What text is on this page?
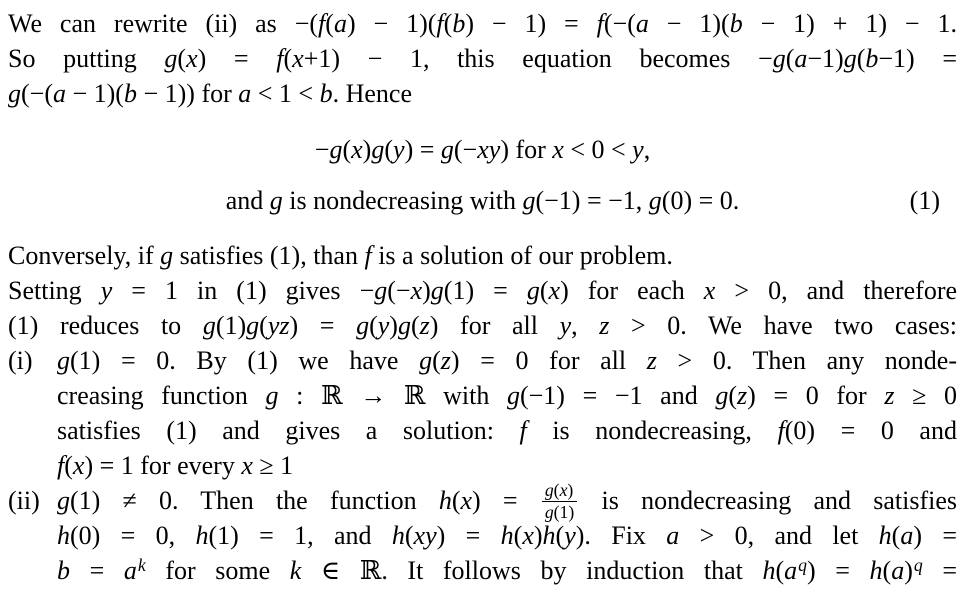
We can rewrite (ii) as −(f(a) − 1)(f(b) − 1) = f(−(a − 1)(b − 1) + 1) − 1.
So putting g(x) = f(x+1) − 1, this equation becomes −g(a−1)g(b−1) =
g(−(a − 1)(b − 1)) for a < 1 < b. Hence
−g(x)g(y) = g(−xy) for x < 0 < y,
and g is nondecreasing with g(−1) = −1, g(0) = 0.	(1)
Conversely, if g satisfies (1), than f is a solution of our problem.
Setting y = 1 in (1) gives −g(−x)g(1) = g(x) for each x > 0, and therefore
(1) reduces to g(1)g(yz) = g(y)g(z) for all y, z > 0. We have two cases:
(i) g(1) = 0. By (1) we have g(z) = 0 for all z > 0. Then any nonde-
creasing function g : ℝ → ℝ with g(−1) = −1 and g(z) = 0 for z ≥ 0
satisfies (1) and gives a solution: f is nondecreasing, f(0) = 0 and
f(x) = 1 for every x ≥ 1
(ii) g(1) ≠ 0. Then the function $h(x) = \frac{g(x)}{g(1)}$ is nondecreasing and satisfies
h(0) = 0, h(1) = 1, and h(xy) = h(x)h(y). Fix a > 0, and let h(a) =
$b = a^k$ for some k ∈ ℝ. It follows by induction that $h(a^q) = h(a)^q$ =
